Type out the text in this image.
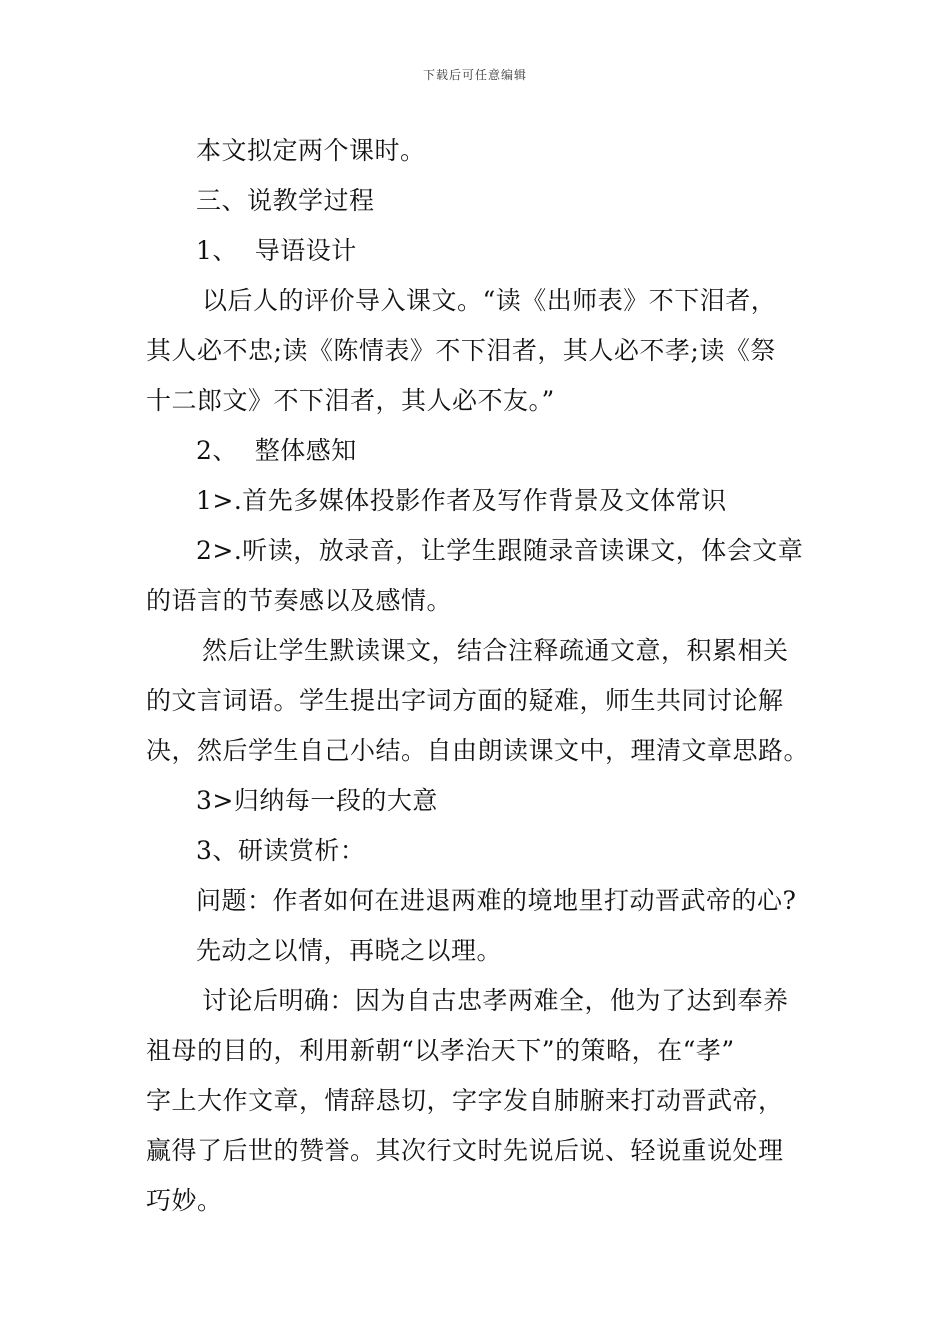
下载后可任意编辑

本文拟定两个课时。

三、说教学过程

1、  导语设计

以后人的评价导入课文。“读《出师表》不下泪者，

其人必不忠;读《陈情表》不下泪者，其人必不孝;读《祭

十二郎文》不下泪者，其人必不友。”

2、  整体感知

1>.首先多媒体投影作者及写作背景及文体常识

2>.听读，放录音，让学生跟随录音读课文，体会文章

的语言的节奏感以及感情。

然后让学生默读课文，结合注释疏通文意，积累相关

的文言词语。学生提出字词方面的疑难，师生共同讨论解

决，然后学生自己小结。自由朗读课文中，理清文章思路。

3>归纳每一段的大意

3、研读赏析：

问题：作者如何在进退两难的境地里打动晋武帝的心?

先动之以情，再晓之以理。

讨论后明确：因为自古忠孝两难全，他为了达到奉养

祖母的目的，利用新朝“以孝治天下”的策略，在“孝”

字上大作文章，情辞恳切，字字发自肺腑来打动晋武帝，

赢得了后世的赞誉。其次行文时先说后说、轻说重说处理

巧妙。
